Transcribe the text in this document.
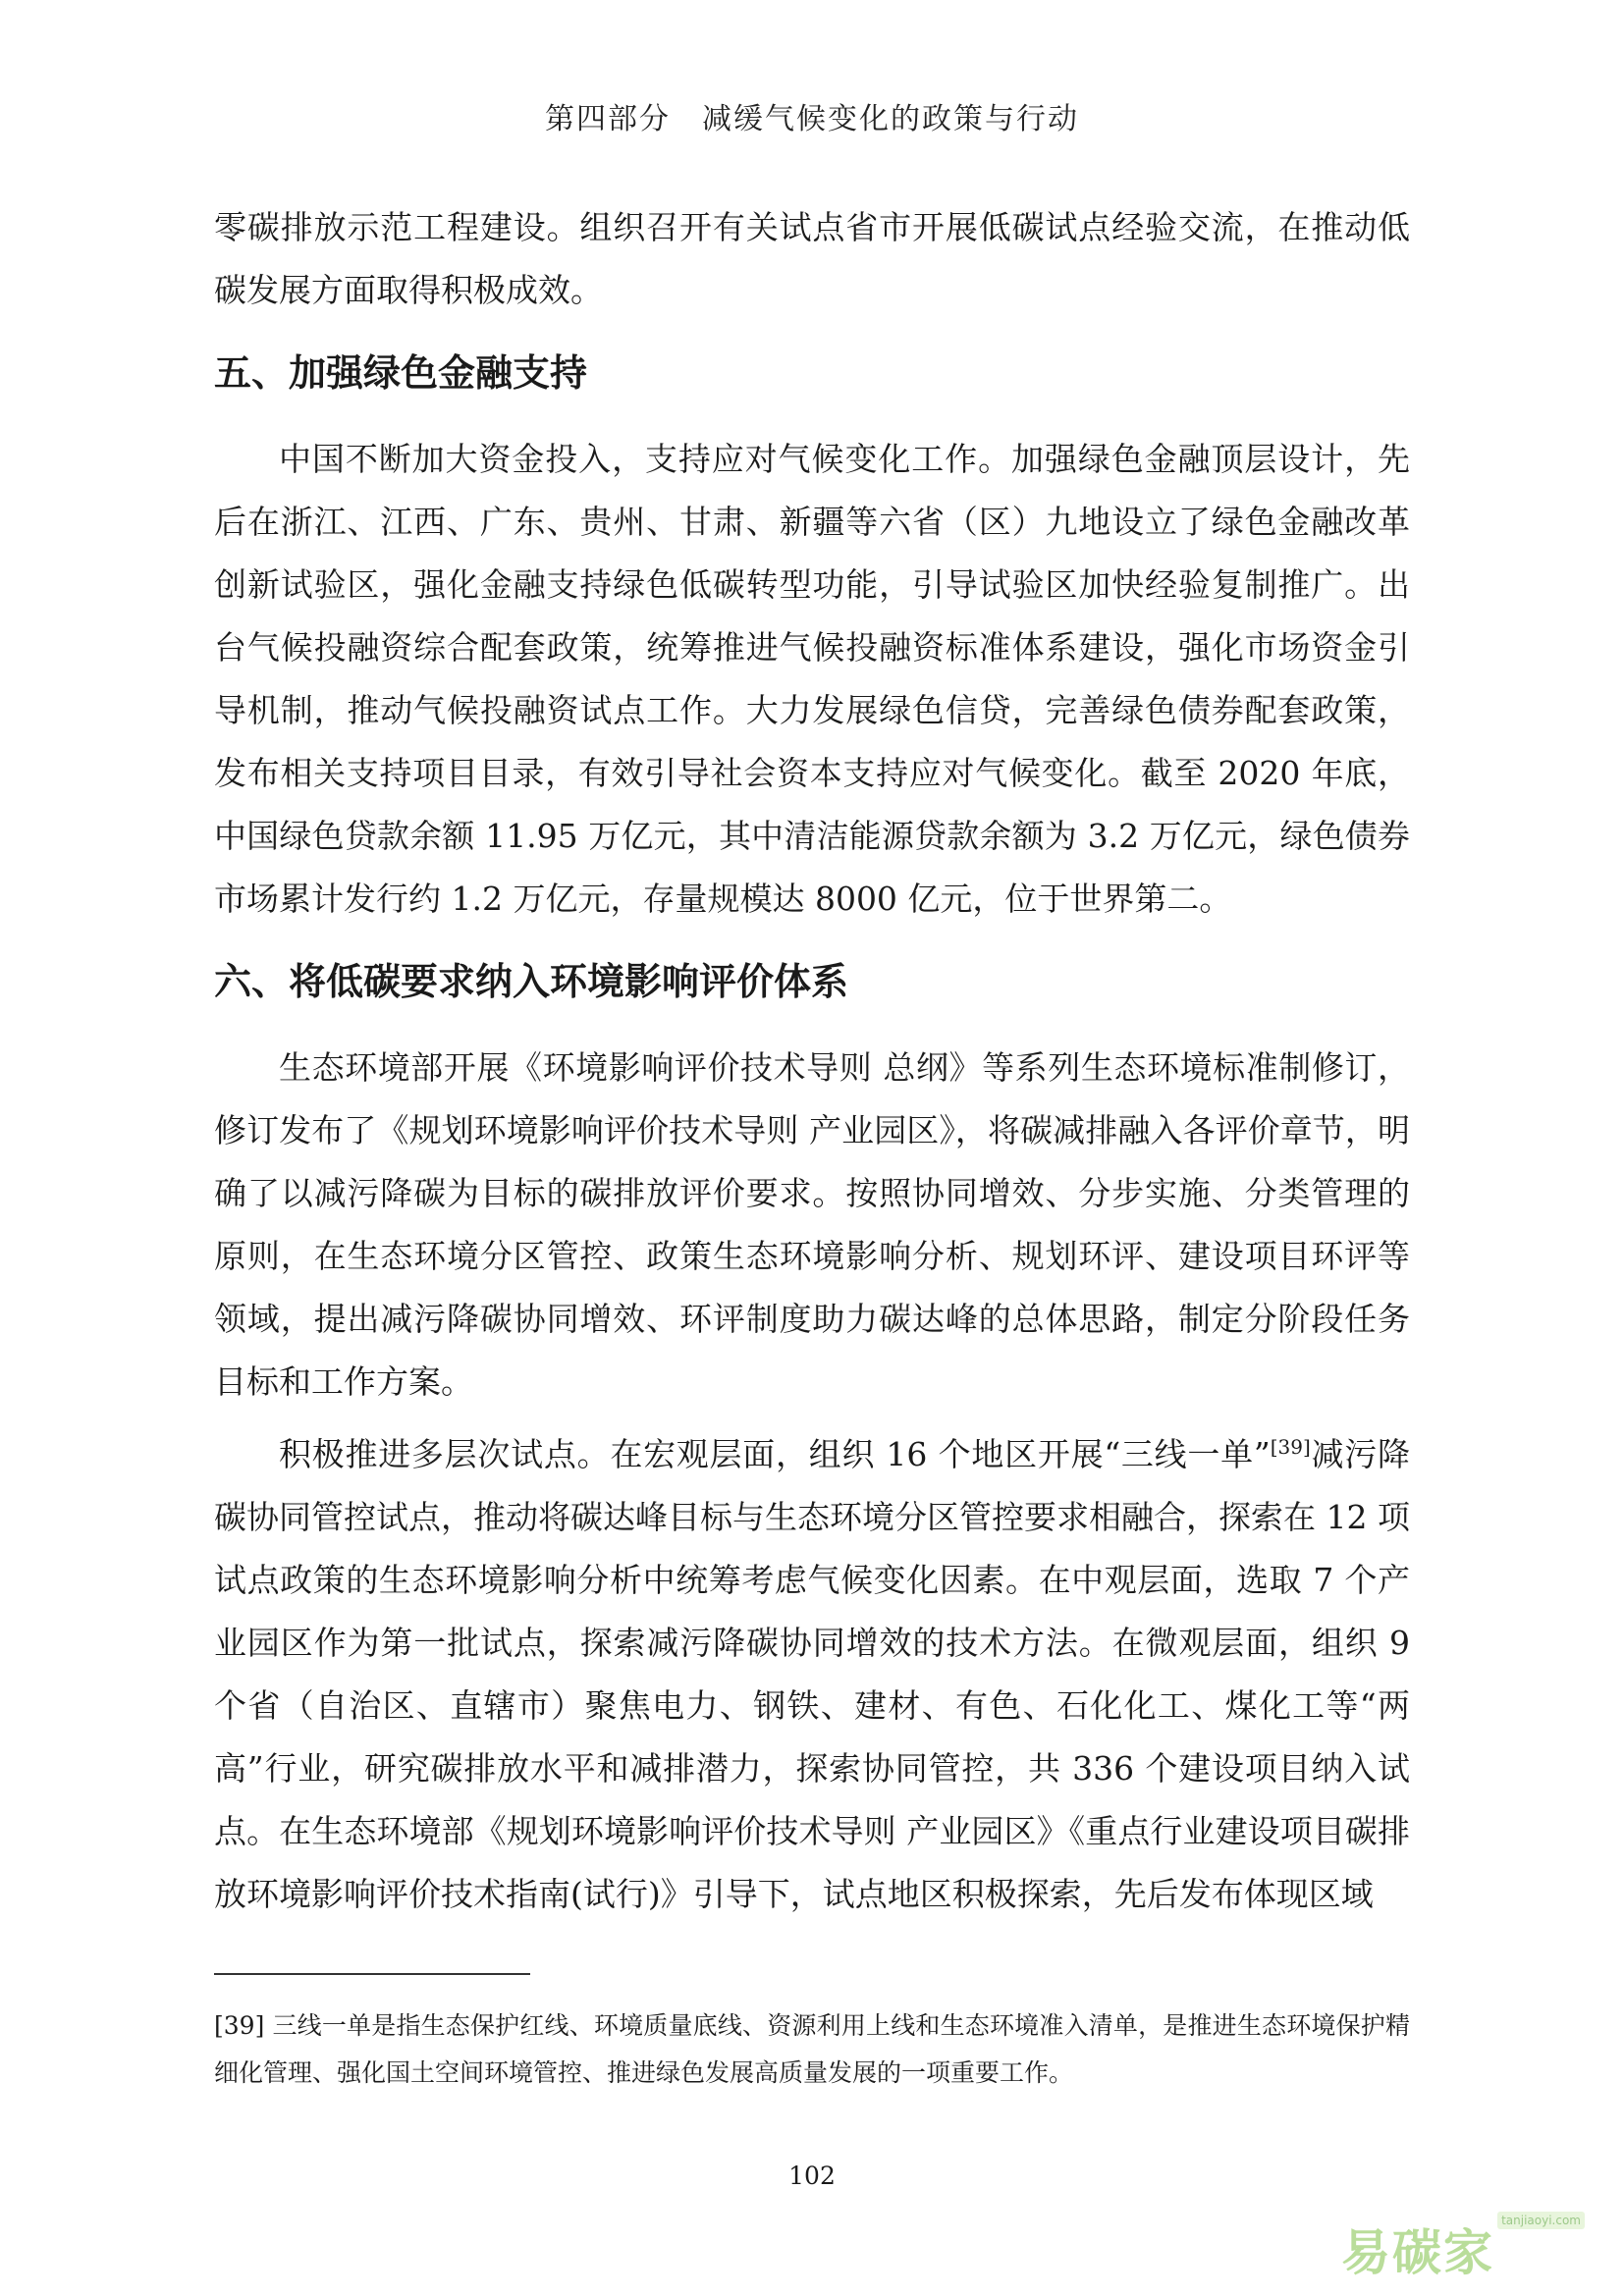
第四部分　减缓气候变化的政策与行动

零碳排放示范工程建设。组织召开有关试点省市开展低碳试点经验交流，在推动低碳发展方面取得积极成效。

五、加强绿色金融支持

中国不断加大资金投入，支持应对气候变化工作。加强绿色金融顶层设计，先后在浙江、江西、广东、贵州、甘肃、新疆等六省（区）九地设立了绿色金融改革创新试验区，强化金融支持绿色低碳转型功能，引导试验区加快经验复制推广。出台气候投融资综合配套政策，统筹推进气候投融资标准体系建设，强化市场资金引导机制，推动气候投融资试点工作。大力发展绿色信贷，完善绿色债券配套政策，发布相关支持项目目录，有效引导社会资本支持应对气候变化。截至 2020 年底，中国绿色贷款余额 11.95 万亿元，其中清洁能源贷款余额为 3.2 万亿元，绿色债券市场累计发行约 1.2 万亿元，存量规模达 8000 亿元，位于世界第二。

六、将低碳要求纳入环境影响评价体系

生态环境部开展《环境影响评价技术导则 总纲》等系列生态环境标准制修订，修订发布了《规划环境影响评价技术导则 产业园区》，将碳减排融入各评价章节，明确了以减污降碳为目标的碳排放评价要求。按照协同增效、分步实施、分类管理的原则，在生态环境分区管控、政策生态环境影响分析、规划环评、建设项目环评等领域，提出减污降碳协同增效、环评制度助力碳达峰的总体思路，制定分阶段任务目标和工作方案。

积极推进多层次试点。在宏观层面，组织 16 个地区开展“三线一单”[39]减污降碳协同管控试点，推动将碳达峰目标与生态环境分区管控要求相融合，探索在 12 项试点政策的生态环境影响分析中统筹考虑气候变化因素。在中观层面，选取 7 个产业园区作为第一批试点，探索减污降碳协同增效的技术方法。在微观层面，组织 9 个省（自治区、直辖市）聚焦电力、钢铁、建材、有色、石化化工、煤化工等“两高”行业，研究碳排放水平和减排潜力，探索协同管控，共 336 个建设项目纳入试点。在生态环境部《规划环境影响评价技术导则 产业园区》《重点行业建设项目碳排放环境影响评价技术指南(试行)》引导下，试点地区积极探索，先后发布体现区域

[39] 三线一单是指生态保护红线、环境质量底线、资源利用上线和生态环境准入清单，是推进生态环境保护精细化管理、强化国土空间环境管控、推进绿色发展高质量发展的一项重要工作。

102
易碳家
tanjiaoyi.com
